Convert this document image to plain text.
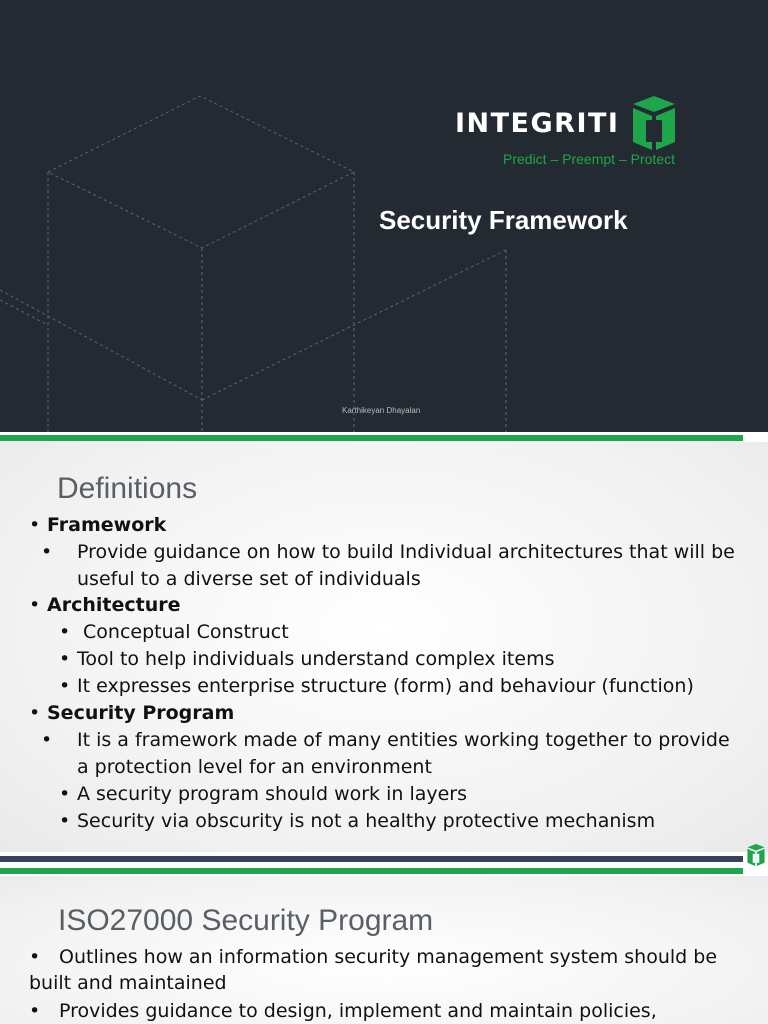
INTEGRITI
Predict – Preempt – Protect
Security Framework
Karthikeyan Dhayalan
Definitions
• Framework
• Provide guidance on how to build Individual architectures that will be useful to a diverse set of individuals
• Architecture
• Conceptual Construct
• Tool to help individuals understand complex items
• It expresses enterprise structure (form) and behaviour (function)
• Security Program
• It is a framework made of many entities working together to provide a protection level for an environment
• A security program should work in layers
• Security via obscurity is not a healthy protective mechanism
ISO27000 Security Program
• Outlines how an information security management system should be built and maintained
• Provides guidance to design, implement and maintain policies,
